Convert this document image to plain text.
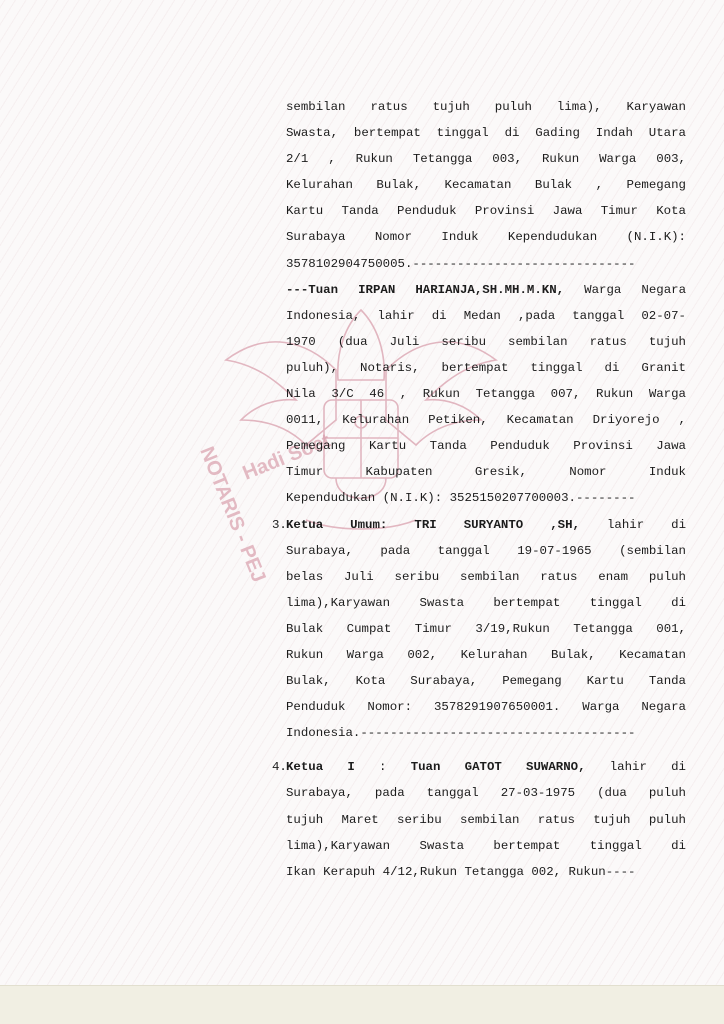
NOTARIS - PEJ
Hadi Soet
sembilan ratus tujuh puluh lima), Karyawan
Swasta, bertempat tinggal di Gading Indah Utara
2/1 , Rukun Tetangga 003, Rukun Warga 003,
Kelurahan Bulak, Kecamatan Bulak , Pemegang
Kartu Tanda Penduduk Provinsi Jawa Timur Kota
Surabaya Nomor Induk Kependudukan (N.I.K):
3578102904750005.------------------------------
---Tuan IRPAN HARIANJA,SH.MH.M.KN, Warga Negara
Indonesia, lahir di Medan ,pada tanggal 02-07-
1970 (dua Juli seribu sembilan ratus tujuh
puluh), Notaris, bertempat tinggal di Granit
Nila 3/C 46 , Rukun Tetangga 007, Rukun Warga
0011, Kelurahan Petiken, Kecamatan Driyorejo ,
Pemegang Kartu Tanda Penduduk Provinsi Jawa
Timur Kabupaten Gresik, Nomor Induk
Kependudukan (N.I.K): 3525150207700003.--------
3. Ketua Umum: TRI SURYANTO ,SH, lahir di
Surabaya, pada tanggal 19-07-1965 (sembilan
belas Juli seribu sembilan ratus enam puluh
lima),Karyawan Swasta bertempat tinggal di
Bulak Cumpat Timur 3/19,Rukun Tetangga 001,
Rukun Warga 002, Kelurahan Bulak, Kecamatan
Bulak, Kota Surabaya, Pemegang Kartu Tanda
Penduduk Nomor: 3578291907650001. Warga Negara
Indonesia.-------------------------------------
4. Ketua I : Tuan GATOT SUWARNO, lahir di
Surabaya, pada tanggal 27-03-1975 (dua puluh
tujuh Maret seribu sembilan ratus tujuh puluh
lima),Karyawan Swasta bertempat tinggal di
Ikan Kerapuh 4/12,Rukun Tetangga 002, Rukun----
